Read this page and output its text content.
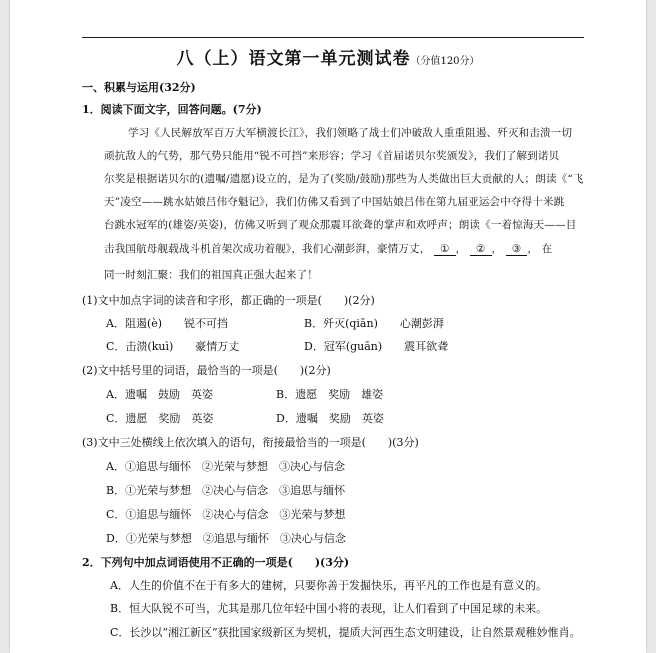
八（上）语文第一单元测试卷（分值120分）
一、积累与运用(32分)
1．阅读下面文字，回答问题。(7分)
学习《人民解放军百万大军横渡长江》，我们领略了战士们冲破敌人重重阻遏、歼灭和击溃一切
顽抗敌人的气势，那气势只能用“锐不可挡”来形容；学习《首届诺贝尔奖颁发》，我们了解到诺贝
尔奖是根据诺贝尔的(遗嘱/遗愿)设立的，是为了(奖励/鼓励)那些为人类做出巨大贡献的人；朗读《“飞
天”凌空——跳水姑娘吕伟夺魁记》，我们仿佛又看到了中国姑娘吕伟在第九届亚运会中夺得十米跳
台跳水冠军的(雄姿/英姿)，仿佛又听到了观众那震耳欲聋的掌声和欢呼声；朗读《一着惊海天——目
击我国航母舰载战斗机首架次成功着舰》，我们心潮彭湃，豪情万丈， ① ， ② ， ③ ， 在
同一时刻汇聚：我们的祖国真正强大起来了！
(1)文中加点字词的读音和字形，都正确的一项是(　　)(2分)
A．阻遏(è)　　锐不可挡	B．歼灭(qiān)　　心潮彭湃
C．击溃(kuì)　　豪情万丈	D．冠军(guān)　　震耳欲聋
(2)文中括号里的词语，最恰当的一项是(　　)(2分)
A．遗嘱　鼓励　英姿	B．遗愿　奖励　雄姿
C．遗愿　奖励　英姿	D．遗嘱　奖励　英姿
(3)文中三处横线上依次填入的语句，衔接最恰当的一项是(　　)(3分)
A．①追思与缅怀　②光荣与梦想　③决心与信念
B．①光荣与梦想　②决心与信念　③追思与缅怀
C．①追思与缅怀　②决心与信念　③光荣与梦想
D．①光荣与梦想　②追思与缅怀　③决心与信念
2．下列句中加点词语使用不正确的一项是(　　)(3分)
A．人生的价值不在于有多大的建树，只要你善于发掘快乐，再平凡的工作也是有意义的。
B．恒大队锐不可当，尤其是那几位年轻中国小将的表现，让人们看到了中国足球的未来。
C．长沙以“湘江新区”获批国家级新区为契机，提质大河西生态文明建设，让自然景观稚妙惟肖。
